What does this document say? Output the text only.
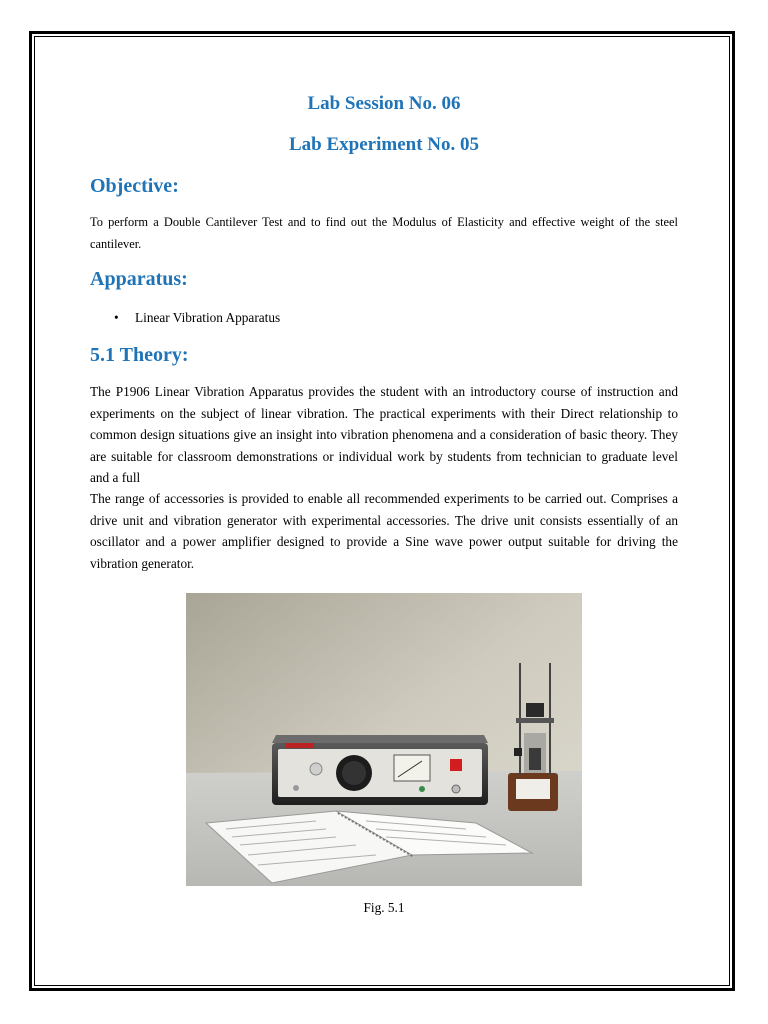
Lab Session No. 06
Lab Experiment No. 05
Objective:

To perform a Double Cantilever Test and to find out the Modulus of Elasticity and effective weight of the steel cantilever.

Apparatus:
• Linear Vibration Apparatus
5.1 Theory:

The P1906 Linear Vibration Apparatus provides the student with an introductory course of instruction and experiments on the subject of linear vibration. The practical experiments with their Direct relationship to common design situations give an insight into vibration phenomena and a consideration of basic theory. They are suitable for classroom demonstrations or individual work by students from technician to graduate level and a full

The range of accessories is provided to enable all recommended experiments to be carried out. Comprises a drive unit and vibration generator with experimental accessories. The drive unit consists essentially of an oscillator and a power amplifier designed to provide a Sine wave power output suitable for driving the vibration generator.

Fig. 5.1
